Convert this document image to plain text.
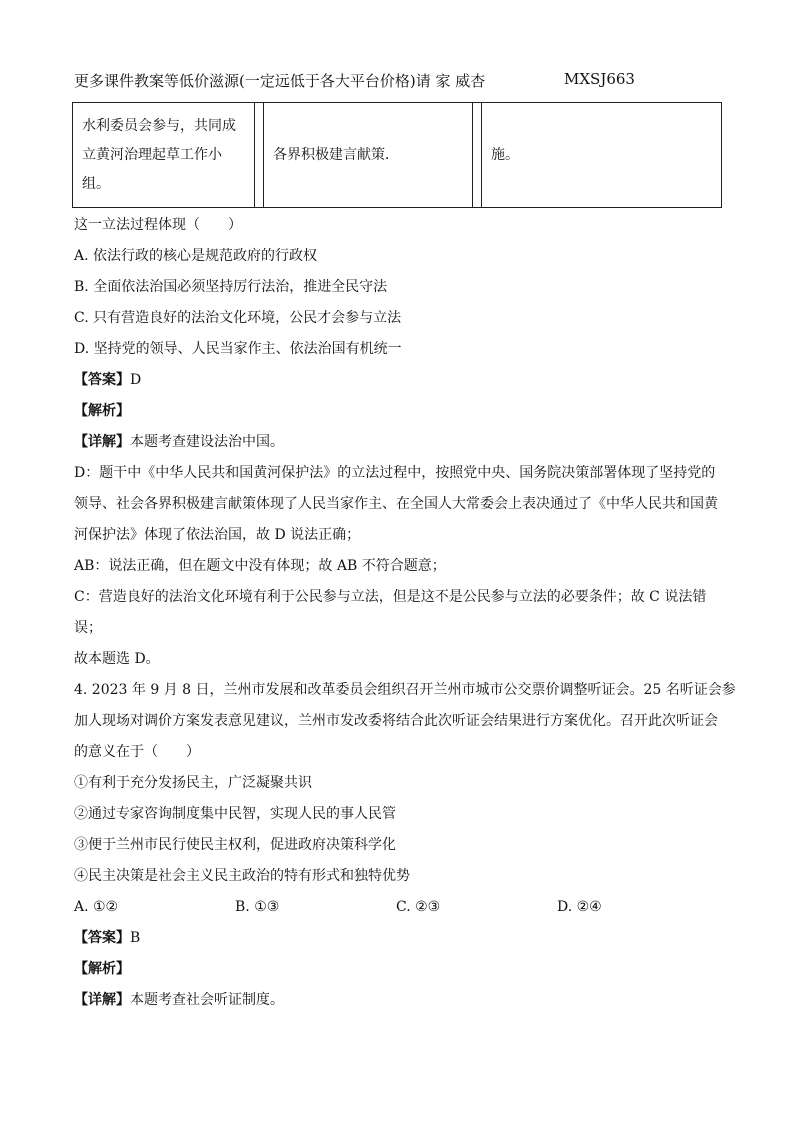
更多课件教案等低价滋源(一定远低于各大平台价格)请 家 威杏	MXSJ663
水利委员会参与，共同成
立黄河治理起草工作小
组。
		各界积极建言献策．		施。
这一立法过程体现（　　）
A. 依法行政的核心是规范政府的行政权
B. 全面依法治国必须坚持厉行法治，推进全民守法
C. 只有营造良好的法治文化环境，公民才会参与立法
D. 坚持党的领导、人民当家作主、依法治国有机统一
【答案】D
【解析】
【详解】本题考查建设法治中国。
D：题干中《中华人民共和国黄河保护法》的立法过程中，按照党中央、国务院决策部署体现了坚持党的
领导、社会各界积极建言献策体现了人民当家作主、在全国人大常委会上表决通过了《中华人民共和国黄
河保护法》体现了依法治国，故 D 说法正确；
AB：说法正确，但在题文中没有体现；故 AB 不符合题意；
C：营造良好的法治文化环境有利于公民参与立法，但是这不是公民参与立法的必要条件；故 C 说法错
误；
故本题选 D。
4. 2023 年 9 月 8 日，兰州市发展和改革委员会组织召开兰州市城市公交票价调整听证会。25 名听证会参
加人现场对调价方案发表意见建议，兰州市发改委将结合此次听证会结果进行方案优化。召开此次听证会
的意义在于（　　）
①有利于充分发扬民主，广泛凝聚共识
②通过专家咨询制度集中民智，实现人民的事人民管
③便于兰州市民行使民主权利，促进政府决策科学化
④民主决策是社会主义民主政治的特有形式和独特优势
A. ①②	B. ①③	C. ②③	D. ②④
【答案】B
【解析】
【详解】本题考查社会听证制度。
